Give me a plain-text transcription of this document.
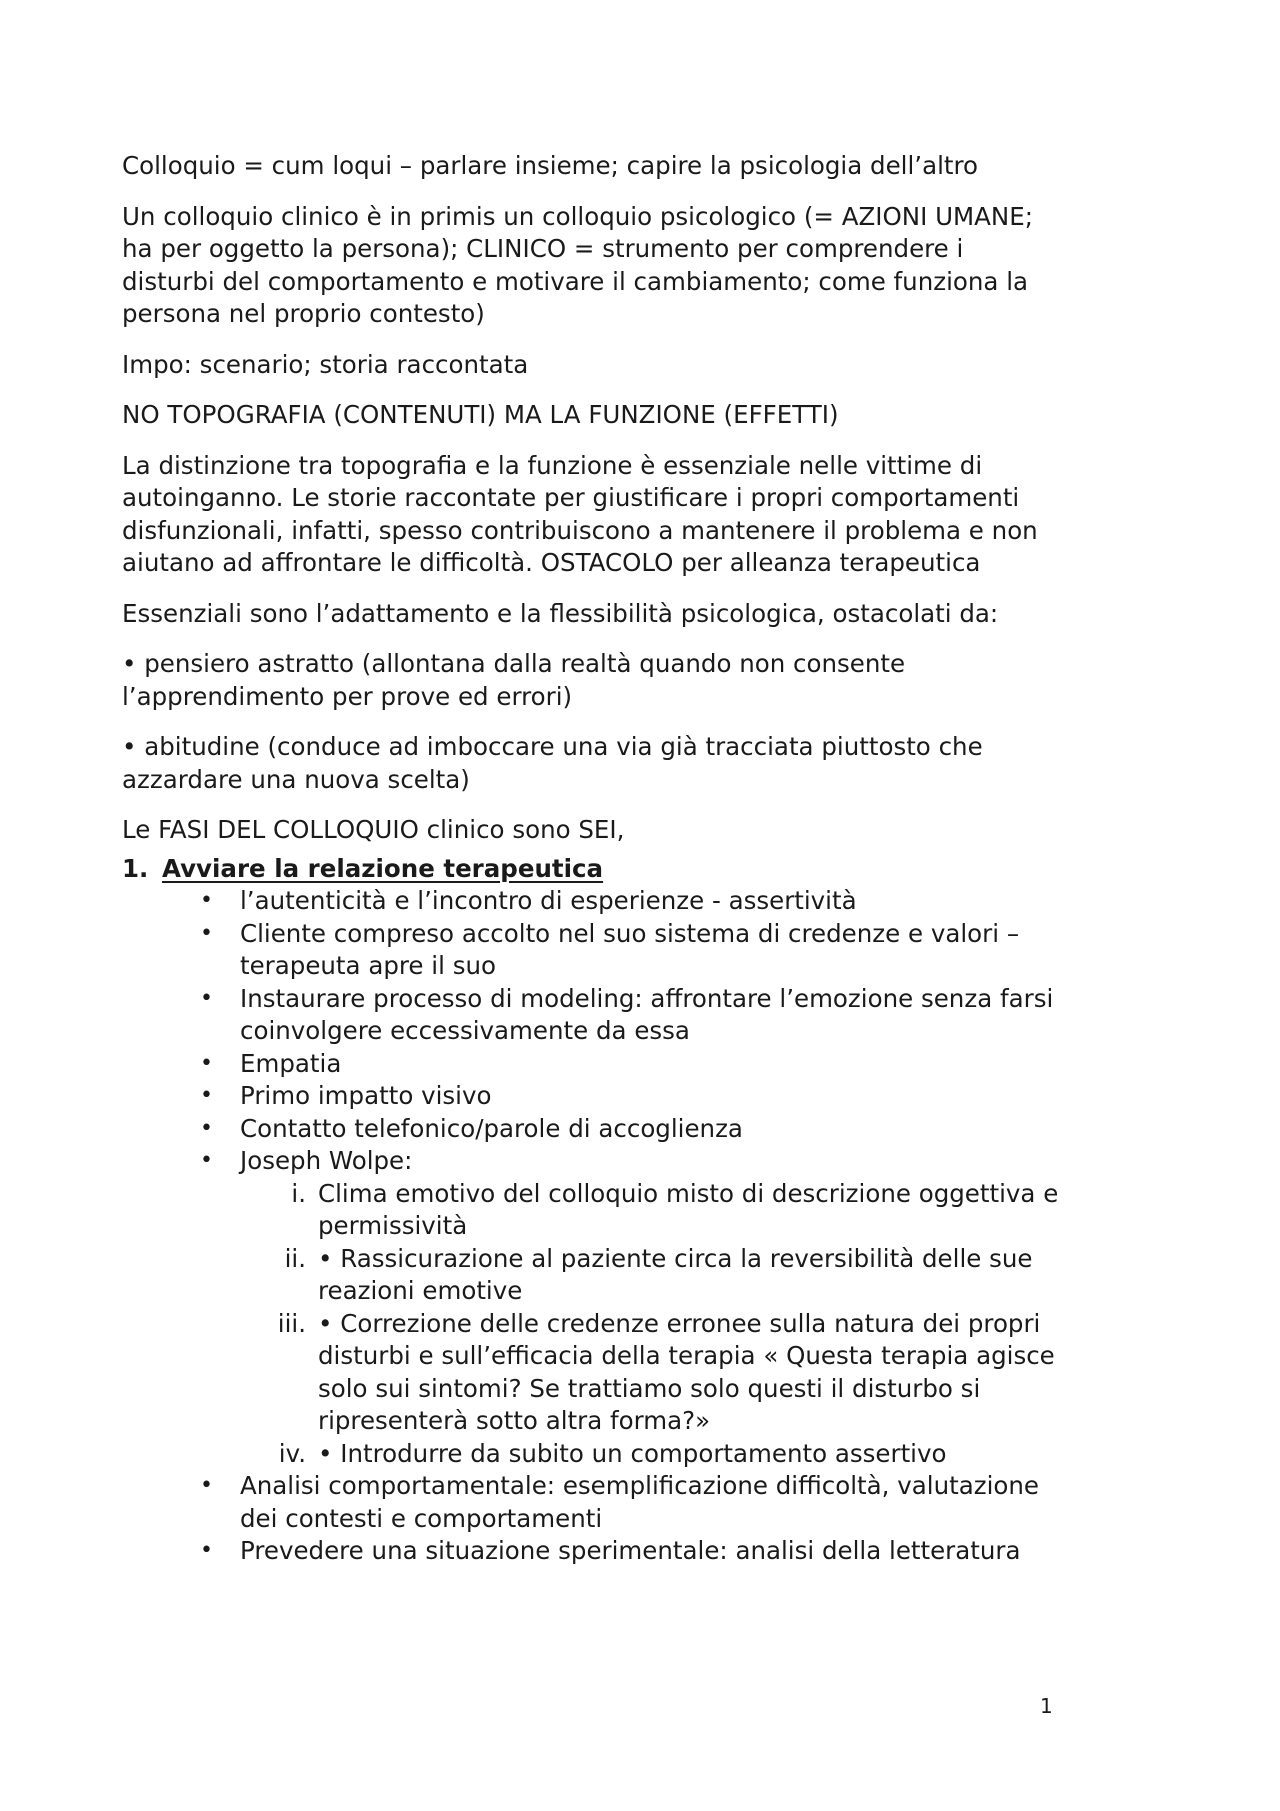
Colloquio = cum loqui – parlare insieme; capire la psicologia dell’altro

Un colloquio clinico è in primis un colloquio psicologico (= AZIONI UMANE; ha per oggetto la persona); CLINICO = strumento per comprendere i disturbi del comportamento e motivare il cambiamento; come funziona la persona nel proprio contesto)

Impo: scenario; storia raccontata

NO TOPOGRAFIA (CONTENUTI) MA LA FUNZIONE (EFFETTI)

La distinzione tra topografia e la funzione è essenziale nelle vittime di autoinganno. Le storie raccontate per giustificare i propri comportamenti disfunzionali, infatti, spesso contribuiscono a mantenere il problema e non aiutano ad affrontare le difficoltà. OSTACOLO per alleanza terapeutica

Essenziali sono l’adattamento e la flessibilità psicologica, ostacolati da:

• pensiero astratto (allontana dalla realtà quando non consente l’apprendimento per prove ed errori)

• abitudine (conduce ad imboccare una via già tracciata piuttosto che azzardare una nuova scelta)

Le FASI DEL COLLOQUIO clinico sono SEI,

1. Avviare la relazione terapeutica
• l’autenticità e l’incontro di esperienze - assertività
• Cliente compreso accolto nel suo sistema di credenze e valori – terapeuta apre il suo
• Instaurare processo di modeling: affrontare l’emozione senza farsi coinvolgere eccessivamente da essa
• Empatia
• Primo impatto visivo
• Contatto telefonico/parole di accoglienza
• Joseph Wolpe:
i. Clima emotivo del colloquio misto di descrizione oggettiva e permissività
ii. • Rassicurazione al paziente circa la reversibilità delle sue reazioni emotive
iii. • Correzione delle credenze erronee sulla natura dei propri disturbi e sull’efficacia della terapia « Questa terapia agisce solo sui sintomi? Se trattiamo solo questi il disturbo si ripresenterà sotto altra forma?»
iv. • Introdurre da subito un comportamento assertivo
• Analisi comportamentale: esemplificazione difficoltà, valutazione dei contesti e comportamenti
• Prevedere una situazione sperimentale: analisi della letteratura
1
